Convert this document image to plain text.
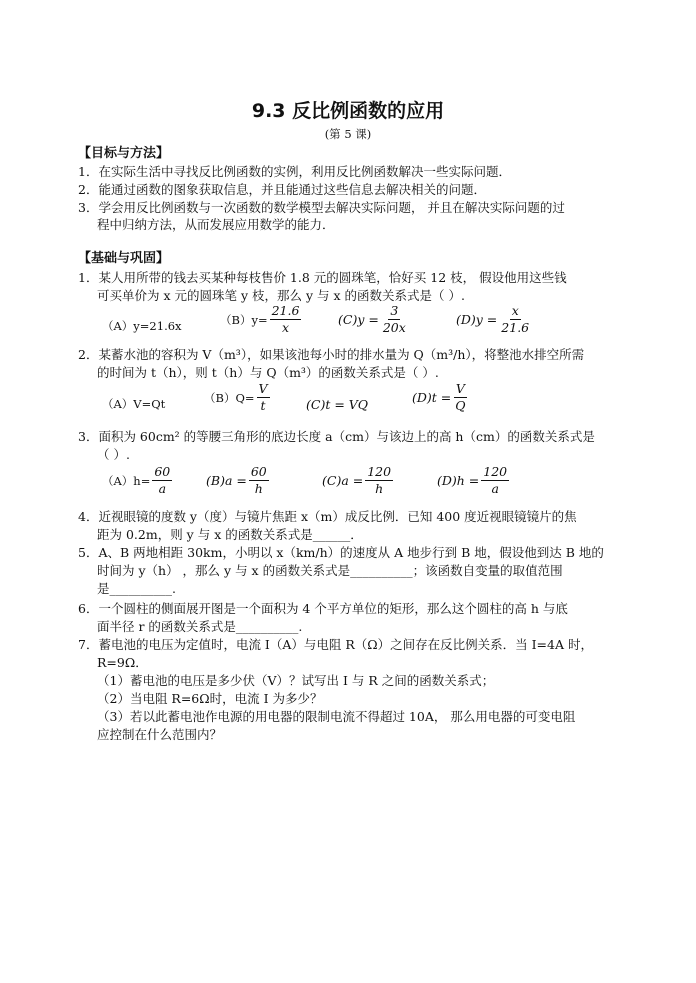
9.3 反比例函数的应用
(第 5 课)
【目标与方法】
1．在实际生活中寻找反比例函数的实例，利用反比例函数解决一些实际问题．
2．能通过函数的图象获取信息，并且能通过这些信息去解决相关的问题．
3．学会用反比例函数与一次函数的数学模型去解决实际问题， 并且在解决实际问题的过
程中归纳方法，从而发展应用数学的能力．
【基础与巩固】
1．某人用所带的钱去买某种每枝售价 1.8 元的圆珠笔，恰好买 12 枝， 假设他用这些钱
可买单价为 x 元的圆珠笔 y 枝，那么 y 与 x 的函数关系式是（ ）.
（A）y=21.6x	$(B)y= \frac{21.6}{x}$	$(C)y = \frac{3}{20x}$	$(D)y = \frac{x}{21.6}$
2．某蓄水池的容积为 V（m³），如果该池每小时的排水量为 Q（m³/h），将整池水排空所需
的时间为 t（h），则 t（h）与 Q（m³）的函数关系式是（ ）.
（A）V=Qt	$(B)Q= \frac{V}{t}$	(C)t = VQ	$(D)t = \frac{V}{Q}$
3．面积为 60cm² 的等腰三角形的底边长度 a（cm）与该边上的高 h（cm）的函数关系式是
（ ）.
$(A)h= \frac{60}{a}$	$(B)a = \frac{60}{h}$	$(C)a = \frac{120}{h}$	$(D)h = \frac{120}{a}$
4．近视眼镜的度数 y（度）与镜片焦距 x（m）成反比例．已知 400 度近视眼镜镜片的焦
距为 0.2m，则 y 与 x 的函数关系式是______．
5．A、B 两地相距 30km，小明以 x（km/h）的速度从 A 地步行到 B 地，假设他到达 B 地的
时间为 y（h） ，那么 y 与 x 的函数关系式是__________；该函数自变量的取值范围
是__________.
6．一个圆柱的侧面展开图是一个面积为 4 个平方单位的矩形，那么这个圆柱的高 h 与底
面半径 r 的函数关系式是__________.
7．蓄电池的电压为定值时，电流 I（A）与电阻 R（Ω）之间存在反比例关系．当 I=4A 时，
R=9Ω．
（1）蓄电池的电压是多少伏（V）？试写出 I 与 R 之间的函数关系式；
（2）当电阻 R=6Ω时，电流 I 为多少？
（3）若以此蓄电池作电源的用电器的限制电流不得超过 10A， 那么用电器的可变电阻
应控制在什么范围内？
